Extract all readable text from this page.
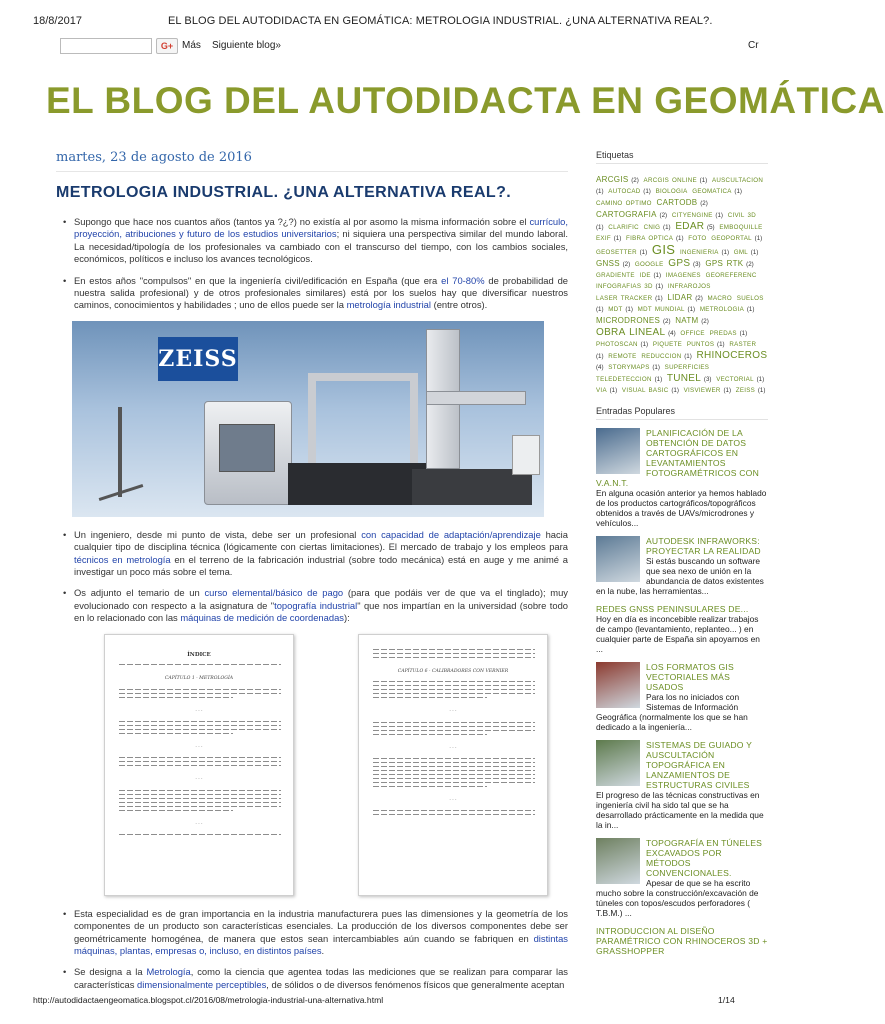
18/8/2017	EL BLOG DEL AUTODIDACTA EN GEOMÁTICA: METROLOGIA INDUSTRIAL. ¿UNA ALTERNATIVA REAL?.
G+ Más Siguiente blog»	Cr
EL BLOG DEL AUTODIDACTA EN GEOMÁTICA
martes, 23 de agosto de 2016
METROLOGIA INDUSTRIAL. ¿UNA ALTERNATIVA REAL?.
• Supongo que hace nos cuantos años (tantos ya ?¿?) no existía al por asomo la misma información sobre el currículo, proyección, atribuciones y futuro de los estudios universitarios; ni siquiera una perspectiva similar del mundo laboral. La necesidad/tipología de los profesionales va cambiado con el transcurso del tiempo, con los cambios sociales, económicos, políticos e incluso los avances tecnológicos.
• En estos años "compulsos" en que la ingeniería civil/edificación en España (que era el 70-80% de probabilidad de nuestra salida profesional) y de otros profesionales similares) está por los suelos hay que diversificar nuestros caminos, conocimientos y habilidades ; uno de ellos puede ser la metrología industrial (entre otros).
ZEISS
• Un ingeniero, desde mi punto de vista, debe ser un profesional con capacidad de adaptación/aprendizaje hacia cualquier tipo de disciplina técnica (lógicamente con ciertas limitaciones). El mercado de trabajo y los empleos para técnicos en metrología en el terreno de la fabricación industrial (sobre todo mecánica) está en auge y me animé a investigar un poco más sobre el tema.
• Os adjunto el temario de un curso elemental/básico de pago (para que podáis ver de que va el tinglado); muy evolucionado con respecto a la asignatura de "topografía industrial" que nos impartían en la universidad (sobre todo en lo relacionado con las máquinas de medición de coordenadas):
ÍNDICE
CAPÍTULO 1 · METROLOGÍA
· · ·
· · ·
· · ·
· · ·
CAPÍTULO 6 · CALIBRADORES CON VERNIER
· · ·
· · ·
· · ·
• Esta especialidad es de gran importancia en la industria manufacturera pues las dimensiones y la geometría de los componentes de un producto son características esenciales. La producción de los diversos componentes debe ser geométricamente homogénea, de manera que estos sean intercambiables aún cuando se fabriquen en distintas máquinas, plantas, empresas o, incluso, en distintos países.
• Se designa a la Metrología, como la ciencia que agentea todas las mediciones que se realizan para comparar las características dimensionalmente perceptibles, de sólidos o de diversos fenómenos físicos que generalmente aceptan
Etiquetas
ARCGIS (2) ARCGIS ONLINE (1) AUSCULTACION (1) AUTOCAD (1) BIOLOGIA GEOMATICA (1) CAMINO OPTIMO CARTODB (2) CARTOGRAFIA (2) CITYENGINE (1) CIVIL 3D (1) CLARIFIC CNIG (1) EDAR (5) EMBOQUILLE EXIF (1) FIBRA OPTICA (1) FOTO GEOPORTAL (1) GEOSETTER (1) GIS INGENIERIA (1) GML (1) GNSS (2) GOOGLE GPS (3) GPS RTK (2) GRADIENTE IDE (1) IMAGENES GEOREFERENC INFOGRAFIAS 3D (1) INFRAROJOS LASER TRACKER (1) LIDAR (2) MACRO SUELOS (1) MDT (1) MDT MUNDIAL (1) METROLOGIA (1) MICRODRONES (2) NATM (2) OBRA LINEAL (4) OFFICE PREDAS (1) PHOTOSCAN (1) PIQUETE PUNTOS (1) RASTER (1) REMOTE REDUCCION (1) RHINOCEROS (4) STORYMAPS (1) SUPERFICIES TELEDETECCION (1) TUNEL (3) VECTORIAL (1) VIA (1) VISUAL BASIC (1) VISVIEWER (1) ZEISS (1)
Entradas Populares
PLANIFICACIÓN DE LA OBTENCIÓN DE DATOS CARTOGRÁFICOS EN LEVANTAMIENTOS FOTOGRAMÉTRICOS CON V.A.N.T.
En alguna ocasión anterior ya hemos hablado de los productos cartográficos/topográficos obtenidos a través de UAVs/microdrones y vehículos...
AUTODESK INFRAWORKS: PROYECTAR LA REALIDAD
Si estás buscando un software que sea nexo de unión en la abundancia de datos existentes en la nube, las herramientas...
REDES GNSS PENINSULARES DE...
Hoy en día es inconcebible realizar trabajos de campo (levantamiento, replanteo... ) en cualquier parte de España sin apoyarnos en ...
LOS FORMATOS GIS VECTORIALES MÁS USADOS
Para los no iniciados con Sistemas de Información Geográfica (normalmente los que se han dedicado a la ingeniería...
SISTEMAS DE GUIADO Y AUSCULTACIÓN TOPOGRÁFICA EN LANZAMIENTOS DE ESTRUCTURAS CIVILES
El progreso de las técnicas constructivas en ingeniería civil ha sido tal que se ha desarrollado prácticamente en la medida que la in...
TOPOGRAFÍA EN TÚNELES EXCAVADOS POR MÉTODOS CONVENCIONALES.
Apesar de que se ha escrito mucho sobre la construcción/excavación de túneles con topos/escudos perforadores ( T.B.M.) ...
INTRODUCCION AL DISEÑO PARAMÉTRICO CON RHINOCEROS 3D + GRASSHOPPER
http://autodidactaengeomatica.blogspot.cl/2016/08/metrologia-industrial-una-alternativa.html	1/14
